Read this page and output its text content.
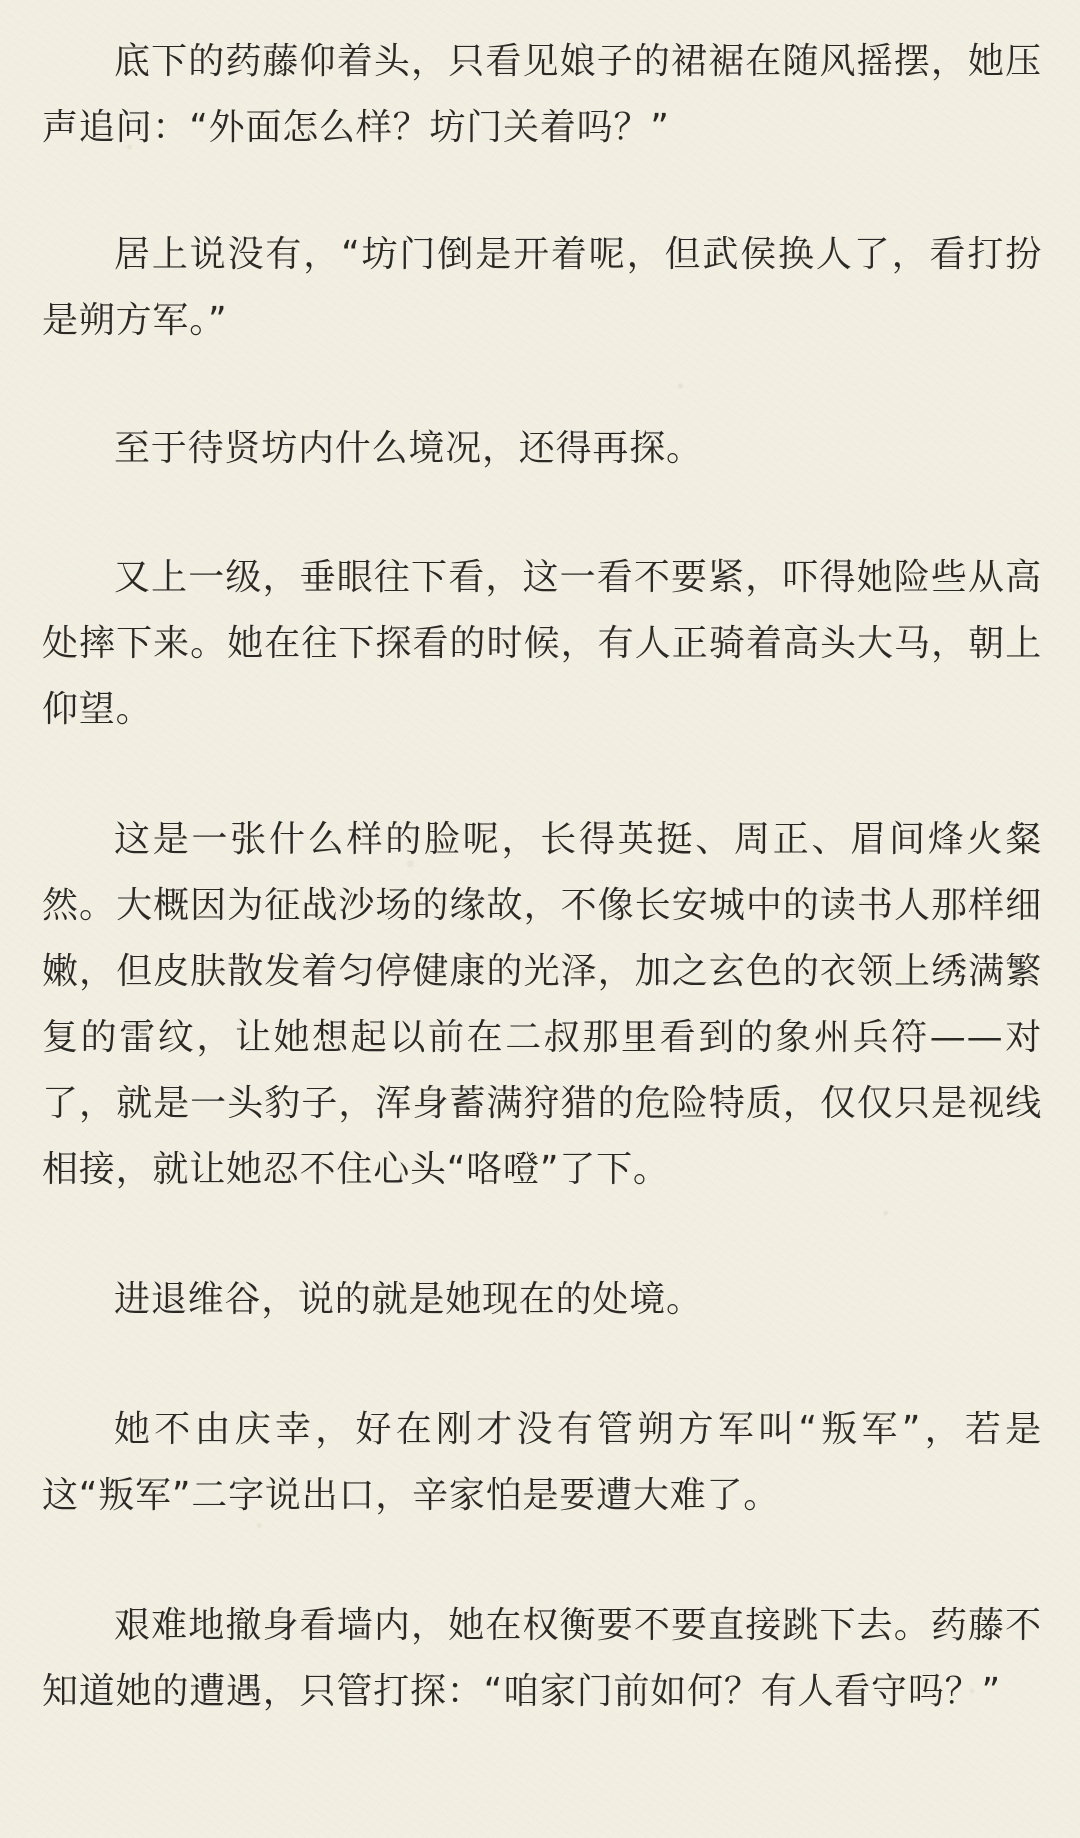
底下的药藤仰着头，只看见娘子的裙裾在随风摇摆，她压声追问：“外面怎么样？坊门关着吗？”

居上说没有，“坊门倒是开着呢，但武侯换人了，看打扮是朔方军。”

至于待贤坊内什么境况，还得再探。

又上一级，垂眼往下看，这一看不要紧，吓得她险些从高处摔下来。她在往下探看的时候，有人正骑着高头大马，朝上仰望。

这是一张什么样的脸呢，长得英挺、周正、眉间烽火粲然。大概因为征战沙场的缘故，不像长安城中的读书人那样细嫩，但皮肤散发着匀停健康的光泽，加之玄色的衣领上绣满繁复的雷纹，让她想起以前在二叔那里看到的象州兵符——对了，就是一头豹子，浑身蓄满狩猎的危险特质，仅仅只是视线相接，就让她忍不住心头“咯噔”了下。

进退维谷，说的就是她现在的处境。

她不由庆幸，好在刚才没有管朔方军叫“叛军”，若是这“叛军”二字说出口，辛家怕是要遭大难了。

艰难地撤身看墙内，她在权衡要不要直接跳下去。药藤不知道她的遭遇，只管打探：“咱家门前如何？有人看守吗？”
